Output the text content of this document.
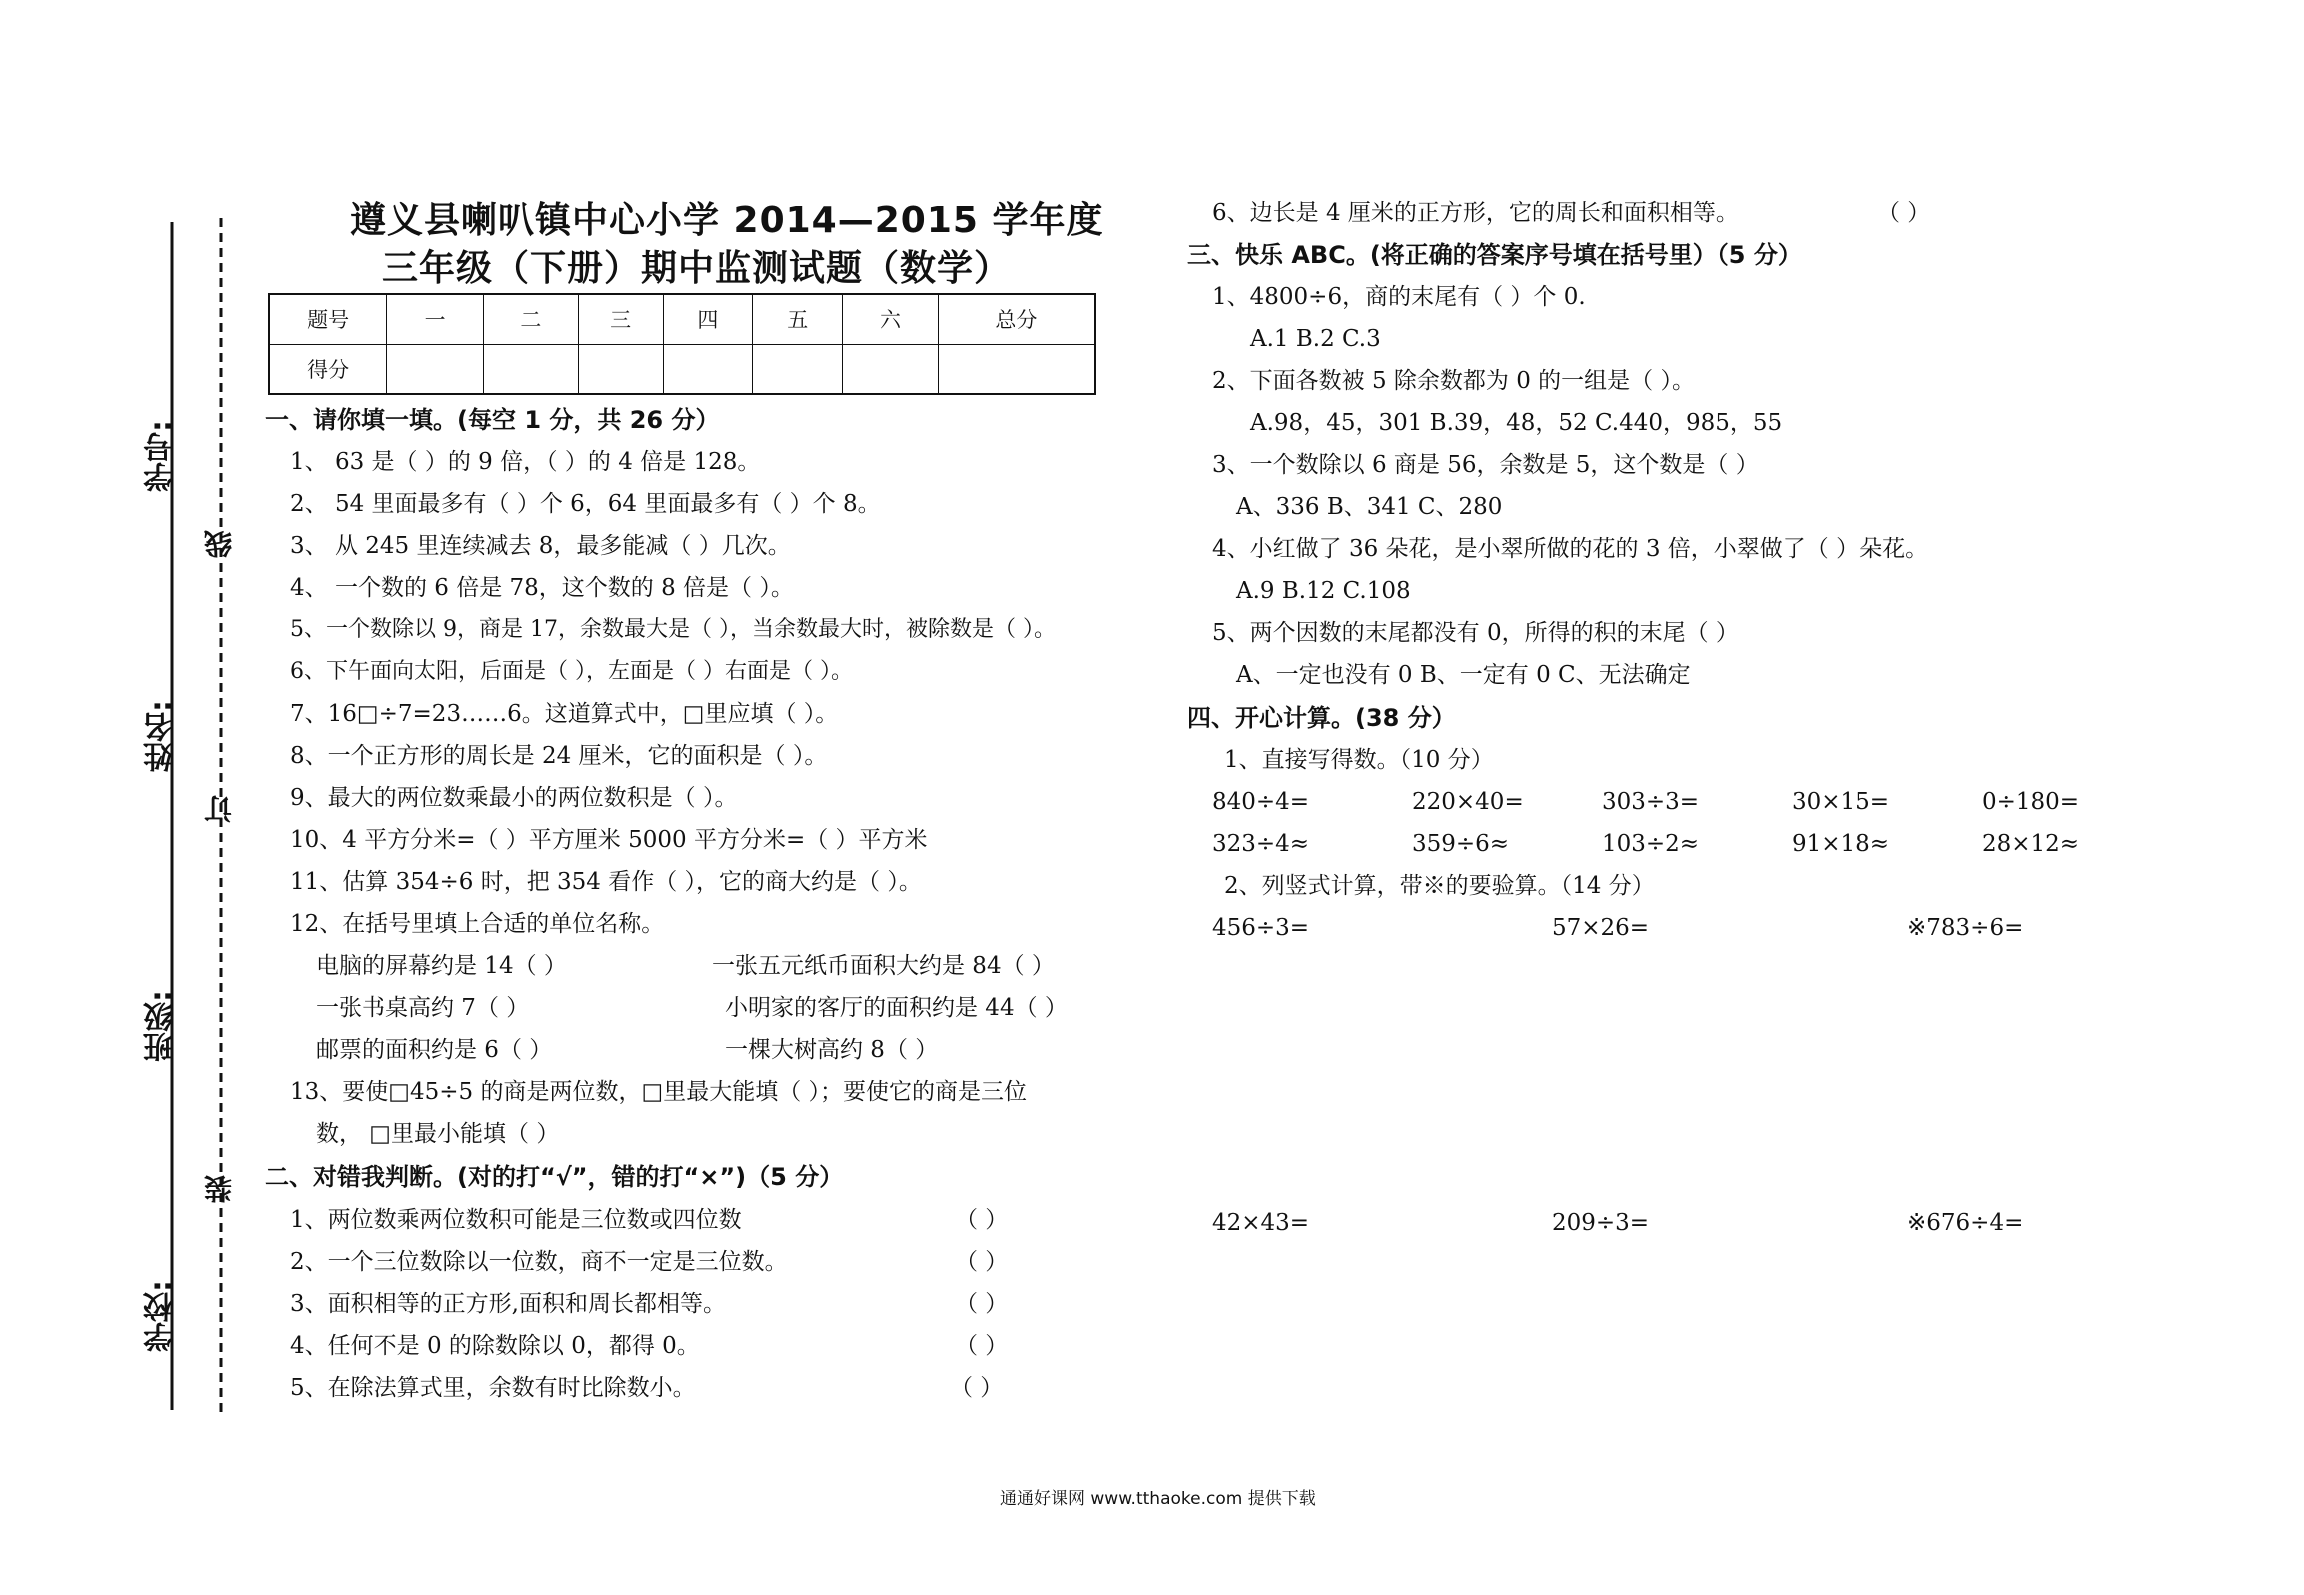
学校:
班级:
姓名:
学号:
线
订
装
遵义县喇叭镇中心小学 2014—2015 学年度
三年级（下册）期中监测试题（数学）
题号	一	二	三	四	五	六	总分
得分							
一、请你填一填。(每空 1 分，共 26 分）
1、 63 是（ ）的 9 倍，（ ）的 4 倍是 128。
2、 54 里面最多有（ ）个 6，64 里面最多有（ ）个 8。
3、 从 245 里连续减去 8，最多能减（ ）几次。
4、 一个数的 6 倍是 78，这个数的 8 倍是（ ）。
5、一个数除以 9，商是 17，余数最大是（ ），当余数最大时，被除数是（ ）。
6、下午面向太阳，后面是（ ），左面是（ ）右面是（ ）。
7、16□÷7=23……6。这道算式中，□里应填（ ）。
8、一个正方形的周长是 24 厘米，它的面积是（ ）。
9、最大的两位数乘最小的两位数积是（ ）。
10、4 平方分米=（ ）平方厘米 5000 平方分米=（ ）平方米
11、估算 354÷6 时，把 354 看作（ ），它的商大约是（ ）。
12、在括号里填上合适的单位名称。
电脑的屏幕约是 14（ ）	一张五元纸币面积大约是 84（ ）
一张书桌高约 7（ ）	小明家的客厅的面积约是 44（ ）
邮票的面积约是 6（ ）	一棵大树高约 8（ ）
13、要使□45÷5 的商是两位数，□里最大能填（ ）；要使它的商是三位
数， □里最小能填（ ）
二、对错我判断。(对的打“√”，错的打“×”)（5 分）
1、两位数乘两位数积可能是三位数或四位数	（ ）
2、一个三位数除以一位数，商不一定是三位数。	（ ）
3、面积相等的正方形,面积和周长都相等。	（ ）
4、任何不是 0 的除数除以 0，都得 0。	（ ）
5、在除法算式里，余数有时比除数小。	（ ）
6、边长是 4 厘米的正方形，它的周长和面积相等。	（ ）
三、快乐 ABC。(将正确的答案序号填在括号里）（5 分）
1、4800÷6，商的末尾有（ ）个 0.
A.1 B.2 C.3
2、下面各数被 5 除余数都为 0 的一组是（ ）。
A.98，45，301 B.39，48，52 C.440，985，55
3、一个数除以 6 商是 56，余数是 5，这个数是（ ）
A、336 B、341 C、280
4、小红做了 36 朵花，是小翠所做的花的 3 倍，小翠做了（ ）朵花。
A.9 B.12 C.108
5、两个因数的末尾都没有 0，所得的积的末尾（ ）
A、一定也没有 0 B、一定有 0 C、无法确定
四、开心计算。(38 分）
1、直接写得数。（10 分）
840÷4=	220×40=	303÷3=	30×15=	0÷180=
323÷4≈	359÷6≈	103÷2≈	91×18≈	28×12≈
2、列竖式计算，带※的要验算。（14 分）
456÷3=	57×26=	※783÷6=
42×43=	209÷3=	※676÷4=
通通好课网 www.tthaoke.com 提供下载
